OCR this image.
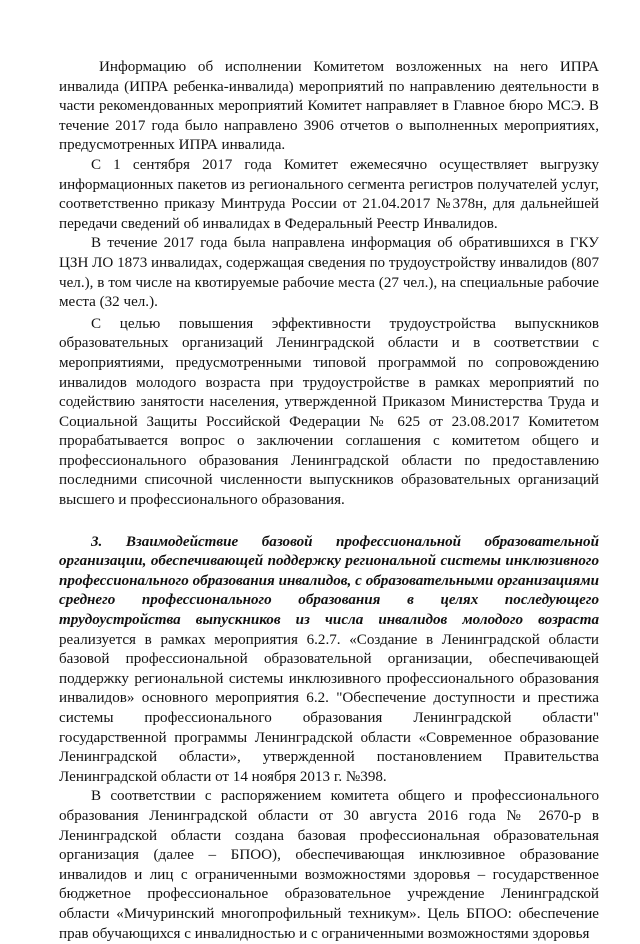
Информацию об исполнении Комитетом возложенных на него ИПРА инвалида (ИПРА ребенка-инвалида) мероприятий по направлению деятельности в части рекомендованных мероприятий Комитет направляет в Главное бюро МСЭ. В течение 2017 года было направлено 3906 отчетов о выполненных мероприятиях, предусмотренных ИПРА инвалида.

С 1 сентября 2017 года Комитет ежемесячно осуществляет выгрузку информационных пакетов из регионального сегмента регистров получателей услуг, соответственно приказу Минтруда России от 21.04.2017 №378н, для дальнейшей передачи сведений об инвалидах в Федеральный Реестр Инвалидов.

В течение 2017 года была направлена информация об обратившихся в ГКУ ЦЗН ЛО 1873 инвалидах, содержащая сведения по трудоустройству инвалидов (807 чел.), в том числе на квотируемые рабочие места (27 чел.), на специальные рабочие места (32 чел.).

С целью повышения эффективности трудоустройства выпускников образовательных организаций Ленинградской области и в соответствии с мероприятиями, предусмотренными типовой программой по сопровождению инвалидов молодого возраста при трудоустройстве в рамках мероприятий по содействию занятости населения, утвержденной Приказом Министерства Труда и Социальной Защиты Российской Федерации № 625 от 23.08.2017 Комитетом прорабатывается вопрос о заключении соглашения с комитетом общего и профессионального образования Ленинградской области по предоставлению последними списочной численности выпускников образовательных организаций высшего и профессионального образования.

3. Взаимодействие базовой профессиональной образовательной организации, обеспечивающей поддержку региональной системы инклюзивного профессионального образования инвалидов, с образовательными организациями среднего профессионального образования в целях последующего трудоустройства выпускников из числа инвалидов молодого возраста реализуется в рамках мероприятия 6.2.7. «Создание в Ленинградской области базовой профессиональной образовательной организации, обеспечивающей поддержку региональной системы инклюзивного профессионального образования инвалидов» основного мероприятия 6.2. "Обеспечение доступности и престижа системы профессионального образования Ленинградской области" государственной программы Ленинградской области «Современное образование Ленинградской области», утвержденной постановлением Правительства Ленинградской области от 14 ноября 2013 г. №398.

В соответствии с распоряжением комитета общего и профессионального образования Ленинградской области от 30 августа 2016 года № 2670-р в Ленинградской области создана базовая профессиональная образовательная организация (далее – БПОО), обеспечивающая инклюзивное образование инвалидов и лиц с ограниченными возможностями здоровья – государственное бюджетное профессиональное образовательное учреждение Ленинградской области «Мичуринский многопрофильный техникум». Цель БПОО: обеспечение прав обучающихся с инвалидностью и с ограниченными возможностями здоровья
